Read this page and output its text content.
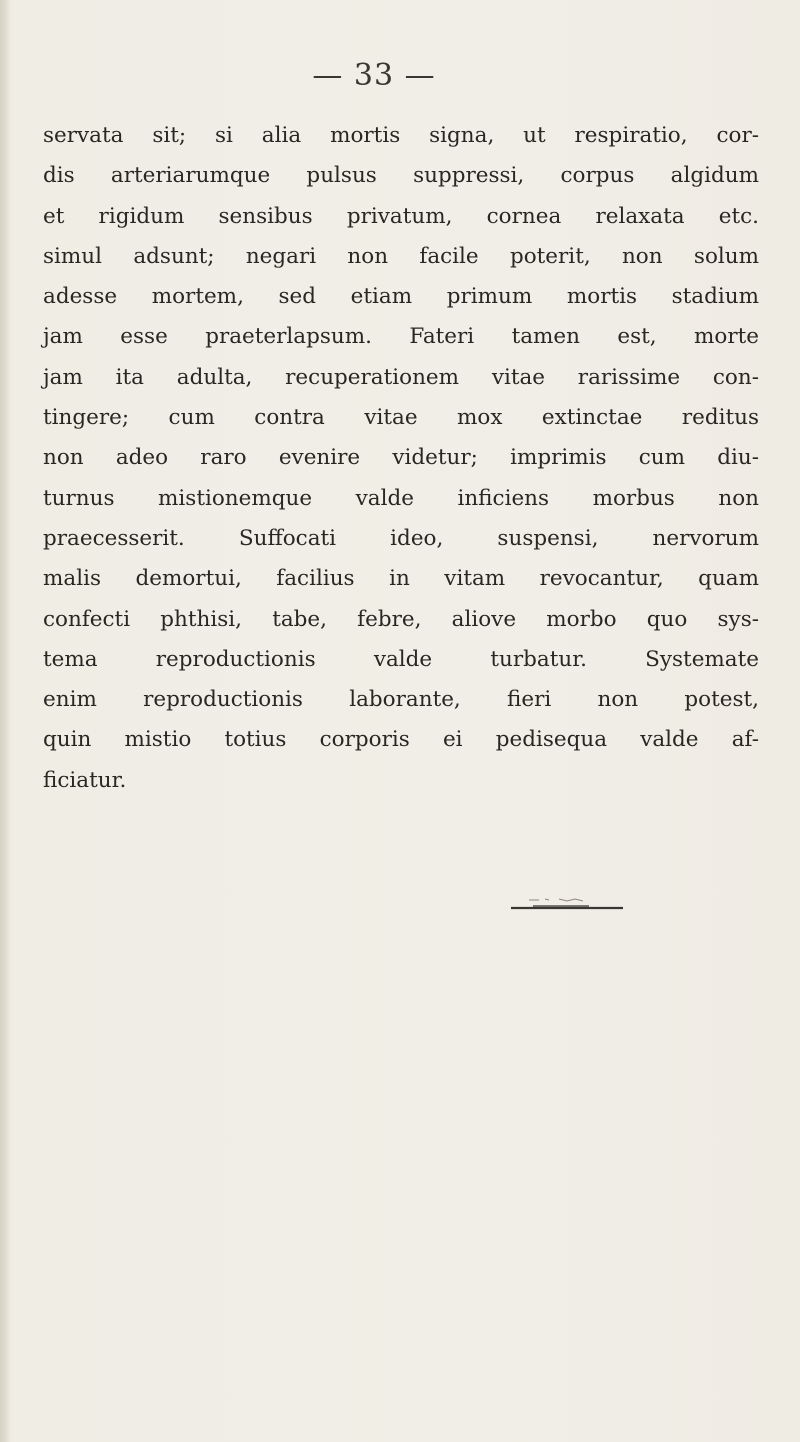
— 33 —
servata sit; si alia mortis signa, ut respiratio, cor-
dis arteriarumque pulsus suppressi, corpus algidum
et rigidum sensibus privatum, cornea relaxata etc.
simul adsunt; negari non facile poterit, non solum
adesse mortem, sed etiam primum mortis stadium
jam esse praeterlapsum. Fateri tamen est, morte
jam ita adulta, recuperationem vitae rarissime con-
tingere; cum contra vitae mox extinctae reditus
non adeo raro evenire videtur; imprimis cum diu-
turnus mistionemque valde inficiens morbus non
praecesserit. Suffocati ideo, suspensi, nervorum
malis demortui, facilius in vitam revocantur, quam
confecti phthisi, tabe, febre, aliove morbo quo sys-
tema reproductionis valde turbatur. Systemate
enim reproductionis laborante, fieri non potest,
quin mistio totius corporis ei pedisequa valde af-
ficiatur.
